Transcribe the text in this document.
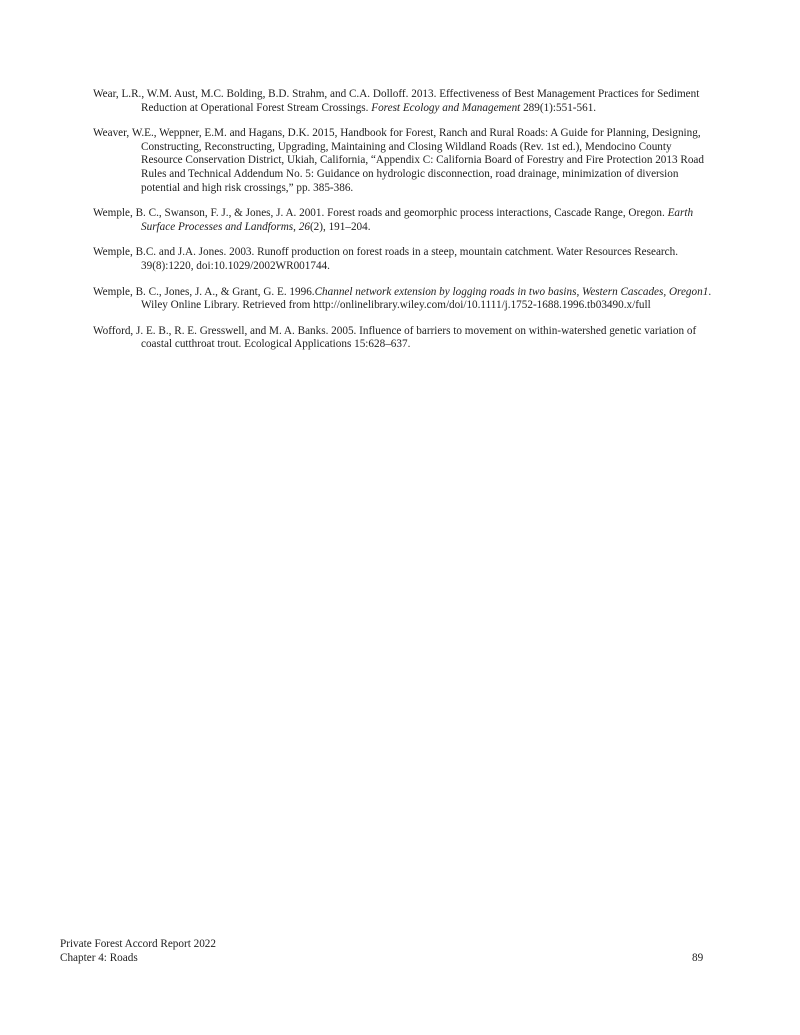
Wear, L.R., W.M. Aust, M.C. Bolding, B.D. Strahm, and C.A. Dolloff. 2013. Effectiveness of Best Management Practices for Sediment Reduction at Operational Forest Stream Crossings. Forest Ecology and Management 289(1):551-561.

Weaver, W.E., Weppner, E.M. and Hagans, D.K. 2015, Handbook for Forest, Ranch and Rural Roads: A Guide for Planning, Designing, Constructing, Reconstructing, Upgrading, Maintaining and Closing Wildland Roads (Rev. 1st ed.), Mendocino County Resource Conservation District, Ukiah, California, “Appendix C: California Board of Forestry and Fire Protection 2013 Road Rules and Technical Addendum No. 5: Guidance on hydrologic disconnection, road drainage, minimization of diversion potential and high risk crossings,” pp. 385-386.

Wemple, B. C., Swanson, F. J., & Jones, J. A. 2001. Forest roads and geomorphic process interactions, Cascade Range, Oregon. Earth Surface Processes and Landforms, 26(2), 191–204.

Wemple, B.C. and J.A. Jones. 2003. Runoff production on forest roads in a steep, mountain catchment. Water Resources Research. 39(8):1220, doi:10.1029/2002WR001744.

Wemple, B. C., Jones, J. A., & Grant, G. E. 1996.Channel network extension by logging roads in two basins, Western Cascades, Oregon1. Wiley Online Library. Retrieved from http://onlinelibrary.wiley.com/doi/10.1111/j.1752-1688.1996.tb03490.x/full

Wofford, J. E. B., R. E. Gresswell, and M. A. Banks. 2005. Influence of barriers to movement on within-watershed genetic variation of coastal cutthroat trout. Ecological Applications 15:628–637.

Private Forest Accord Report 2022
Chapter 4: Roads	89
